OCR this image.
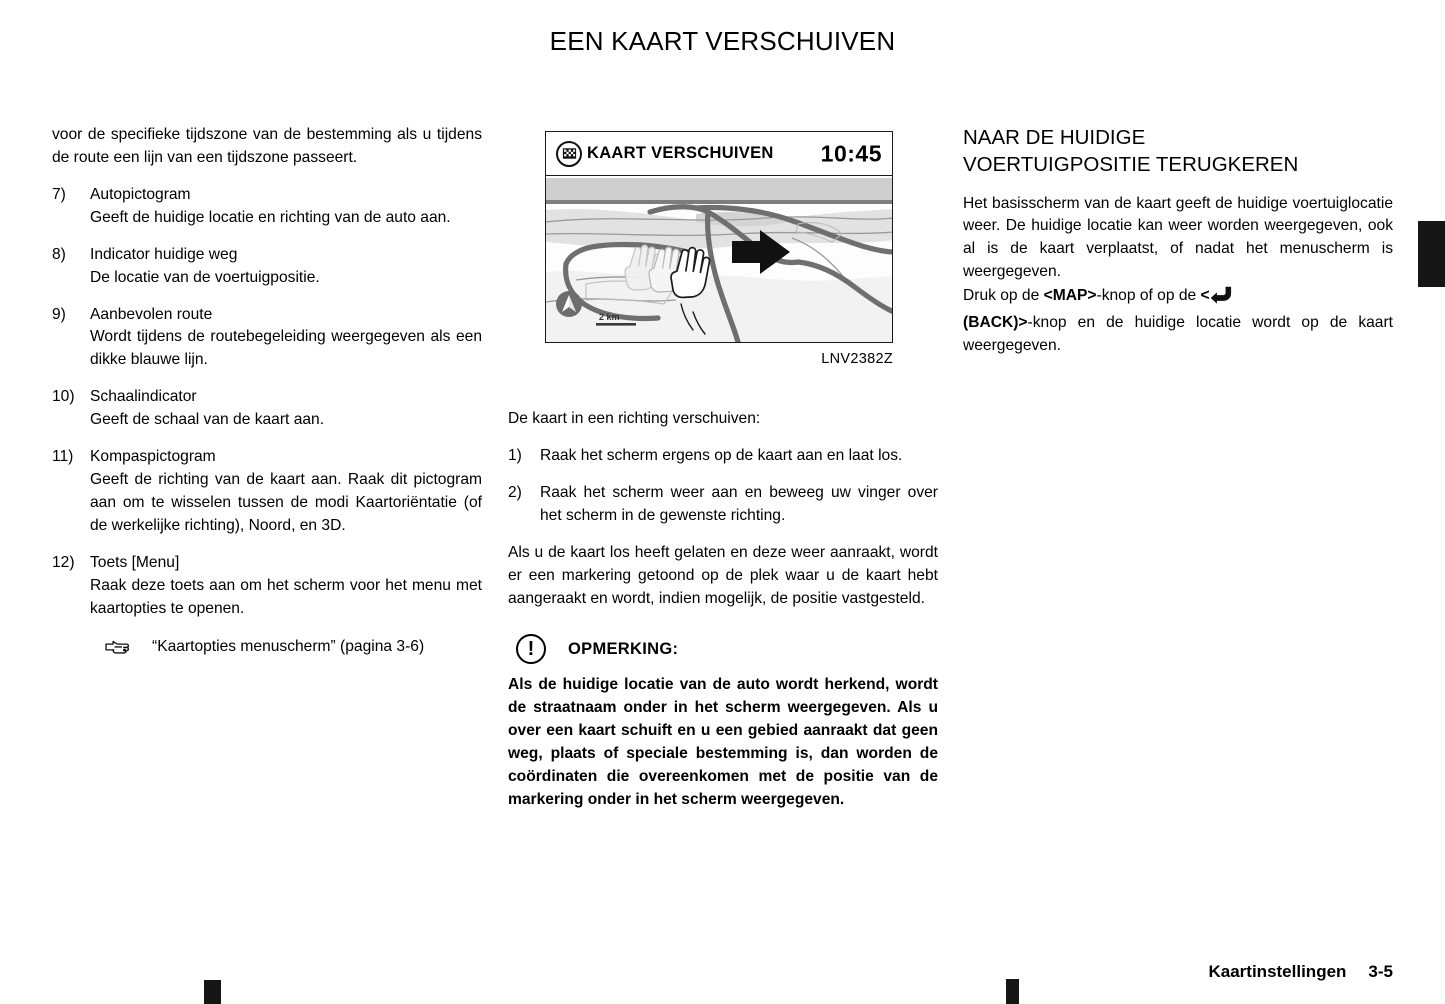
EEN KAART VERSCHUIVEN

voor de specifieke tijdszone van de bestemming als u tijdens de route een lijn van een tijdszone passeert.

7)	Autopictogram
Geeft de huidige locatie en richting van de auto aan.
8)	Indicator huidige weg
De locatie van de voertuigpositie.
9)	Aanbevolen route
Wordt tijdens de routebegeleiding weergegeven als een dikke blauwe lijn.
10) Schaalindicator
Geeft de schaal van de kaart aan.
11)	Kompaspictogram
Geeft de richting van de kaart aan. Raak dit pictogram aan om te wisselen tussen de modi Kaartoriëntatie (of de werkelijke richting), Noord, en 3D.
12) Toets [Menu]
Raak deze toets aan om het scherm voor het menu met kaartopties te openen.
“Kaartopties menuscherm” (pagina 3-6)
KAART VERSCHUIVEN 10:45
2 km
LNV2382Z

De kaart in een richting verschuiven:

1)	Raak het scherm ergens op de kaart aan en laat los.
2)	Raak het scherm weer aan en beweeg uw vinger over het scherm in de gewenste richting.

Als u de kaart los heeft gelaten en deze weer aanraakt, wordt er een markering getoond op de plek waar u de kaart hebt aangeraakt en wordt, indien mogelijk, de positie vastgesteld.

! OPMERKING:

Als de huidige locatie van de auto wordt herkend, wordt de straatnaam onder in het scherm weergegeven. Als u over een kaart schuift en u een gebied aanraakt dat geen weg, plaats of speciale bestemming is, dan worden de coördinaten die overeenkomen met de positie van de markering onder in het scherm weergegeven.

NAAR DE HUIDIGE
VOERTUIGPOSITIE TERUGKEREN

Het basisscherm van de kaart geeft de huidige voertuiglocatie weer. De huidige locatie kan weer worden weergegeven, ook al is de kaart verplaatst, of nadat het menuscherm is weergegeven.

Druk op de <MAP>-knop of op de <
(BACK)>-knop en de huidige locatie wordt op de kaart weergegeven.

Kaartinstellingen 3-5
